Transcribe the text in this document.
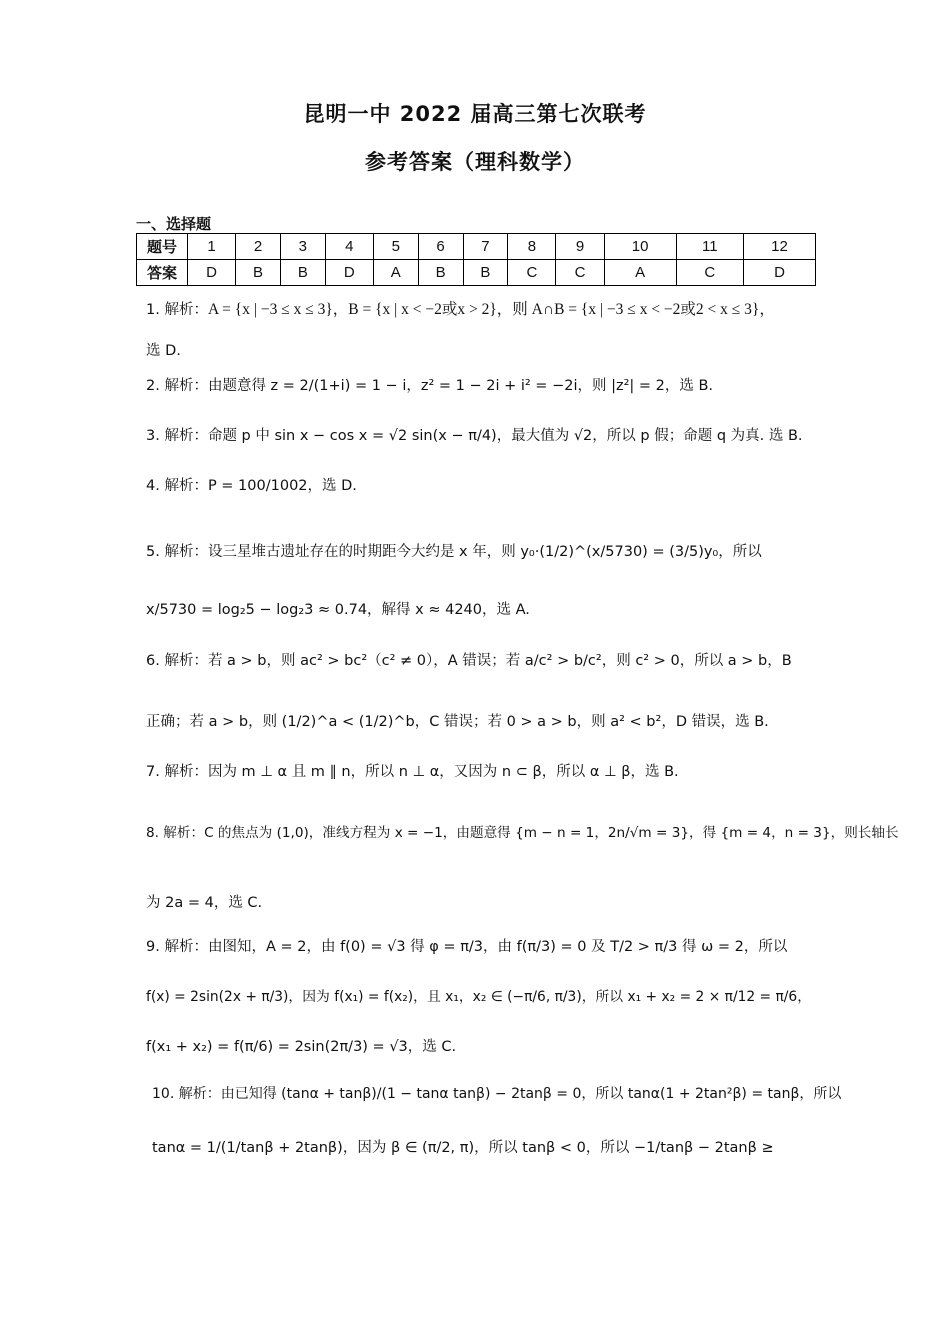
昆明一中 2022 届高三第七次联考
参考答案（理科数学）
一、选择题
题号	1	2	3	4	5	6	7	8	9	10	11	12
答案	D	B	B	D	A	B	B	C	C	A	C	D
1. 解析：A = {x | −3 ≤ x ≤ 3}，B = {x | x < −2或x > 2}，则 A∩B = {x | −3 ≤ x < −2或2 < x ≤ 3}，
选 D.
2. 解析：由题意得 z = 2/(1+i) = 1 − i，z² = 1 − 2i + i² = −2i，则 |z²| = 2，选 B.
3. 解析：命题 p 中 sin x − cos x = √2 sin(x − π/4)，最大值为 √2，所以 p 假；命题 q 为真. 选 B.
4. 解析：P = 100/1002，选 D.
5. 解析：设三星堆古遗址存在的时期距今大约是 x 年，则 y₀·(1/2)^(x/5730) = (3/5)y₀，所以
x/5730 = log₂5 − log₂3 ≈ 0.74，解得 x ≈ 4240，选 A.
6. 解析：若 a > b，则 ac² > bc²（c² ≠ 0），A 错误；若 a/c² > b/c²，则 c² > 0，所以 a > b，B
正确；若 a > b，则 (1/2)^a < (1/2)^b，C 错误；若 0 > a > b，则 a² < b²，D 错误，选 B.
7. 解析：因为 m ⊥ α 且 m ∥ n，所以 n ⊥ α，又因为 n ⊂ β，所以 α ⊥ β，选 B.
8. 解析：C 的焦点为 (1,0)，准线方程为 x = −1，由题意得 {m − n = 1，2n/√m = 3}，得 {m = 4，n = 3}，则长轴长
为 2a = 4，选 C.
9. 解析：由图知，A = 2，由 f(0) = √3 得 φ = π/3，由 f(π/3) = 0 及 T/2 > π/3 得 ω = 2，所以
f(x) = 2sin(2x + π/3)，因为 f(x₁) = f(x₂)，且 x₁，x₂ ∈ (−π/6, π/3)，所以 x₁ + x₂ = 2 × π/12 = π/6，
f(x₁ + x₂) = f(π/6) = 2sin(2π/3) = √3，选 C.
10. 解析：由已知得 (tanα + tanβ)/(1 − tanα tanβ) − 2tanβ = 0，所以 tanα(1 + 2tan²β) = tanβ，所以
tanα = 1/(1/tanβ + 2tanβ)，因为 β ∈ (π/2, π)，所以 tanβ < 0，所以 −1/tanβ − 2tanβ ≥
